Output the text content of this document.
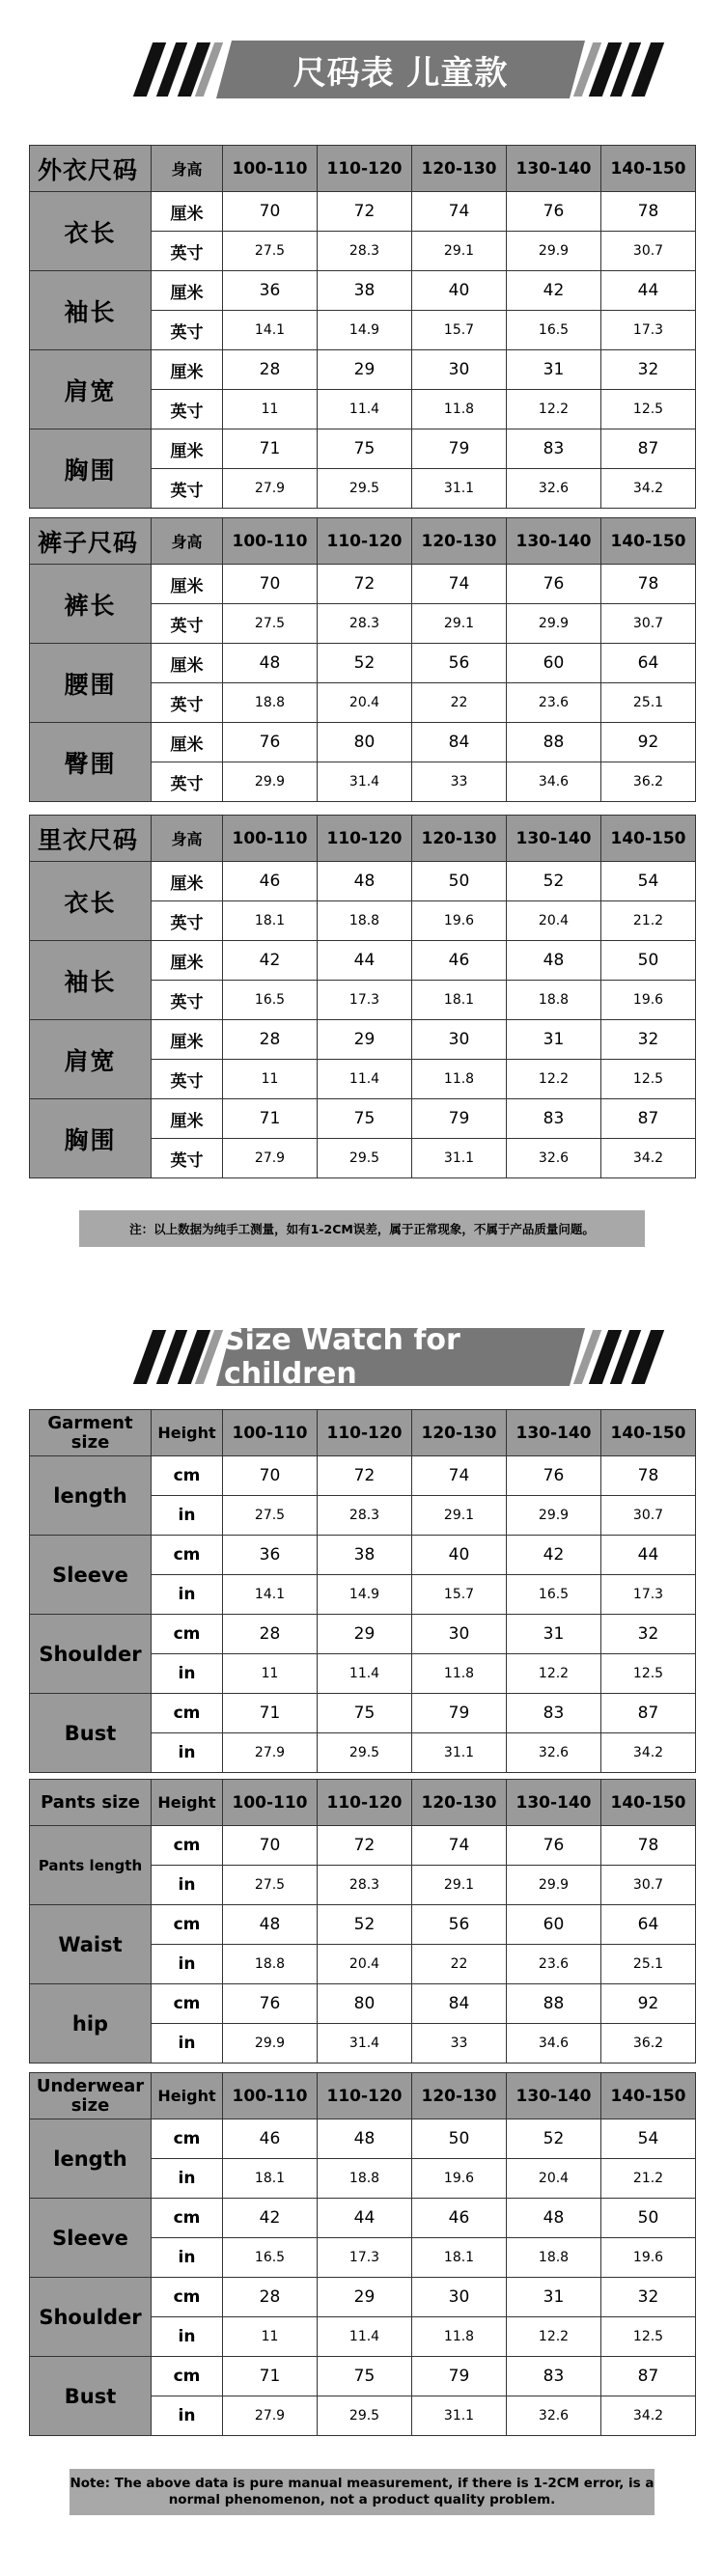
尺码表 儿童款
外衣尺码	身高	100-110	110-120	120-130	130-140	140-150
衣长	厘米	70	72	74	76	78
	英寸	27.5	28.3	29.1	29.9	30.7
袖长	厘米	36	38	40	42	44
	英寸	14.1	14.9	15.7	16.5	17.3
肩宽	厘米	28	29	30	31	32
	英寸	11	11.4	11.8	12.2	12.5
胸围	厘米	71	75	79	83	87
	英寸	27.9	29.5	31.1	32.6	34.2
裤子尺码	身高	100-110	110-120	120-130	130-140	140-150
裤长	厘米	70	72	74	76	78
	英寸	27.5	28.3	29.1	29.9	30.7
腰围	厘米	48	52	56	60	64
	英寸	18.8	20.4	22	23.6	25.1
臀围	厘米	76	80	84	88	92
	英寸	29.9	31.4	33	34.6	36.2
里衣尺码	身高	100-110	110-120	120-130	130-140	140-150
衣长	厘米	46	48	50	52	54
	英寸	18.1	18.8	19.6	20.4	21.2
袖长	厘米	42	44	46	48	50
	英寸	16.5	17.3	18.1	18.8	19.6
肩宽	厘米	28	29	30	31	32
	英寸	11	11.4	11.8	12.2	12.5
胸围	厘米	71	75	79	83	87
	英寸	27.9	29.5	31.1	32.6	34.2
注：以上数据为纯手工测量，如有1-2CM误差，属于正常现象，不属于产品质量问题。
Size Watch for children
Garment size	Height	100-110	110-120	120-130	130-140	140-150
length	cm	70	72	74	76	78
	in	27.5	28.3	29.1	29.9	30.7
Sleeve	cm	36	38	40	42	44
	in	14.1	14.9	15.7	16.5	17.3
Shoulder	cm	28	29	30	31	32
	in	11	11.4	11.8	12.2	12.5
Bust	cm	71	75	79	83	87
	in	27.9	29.5	31.1	32.6	34.2
Pants size	Height	100-110	110-120	120-130	130-140	140-150
Pants length	cm	70	72	74	76	78
	in	27.5	28.3	29.1	29.9	30.7
Waist	cm	48	52	56	60	64
	in	18.8	20.4	22	23.6	25.1
hip	cm	76	80	84	88	92
	in	29.9	31.4	33	34.6	36.2
Underwear size	Height	100-110	110-120	120-130	130-140	140-150
length	cm	46	48	50	52	54
	in	18.1	18.8	19.6	20.4	21.2
Sleeve	cm	42	44	46	48	50
	in	16.5	17.3	18.1	18.8	19.6
Shoulder	cm	28	29	30	31	32
	in	11	11.4	11.8	12.2	12.5
Bust	cm	71	75	79	83	87
	in	27.9	29.5	31.1	32.6	34.2
Note: The above data is pure manual measurement, if there is 1-2CM error, is a normal phenomenon, not a product quality problem.
